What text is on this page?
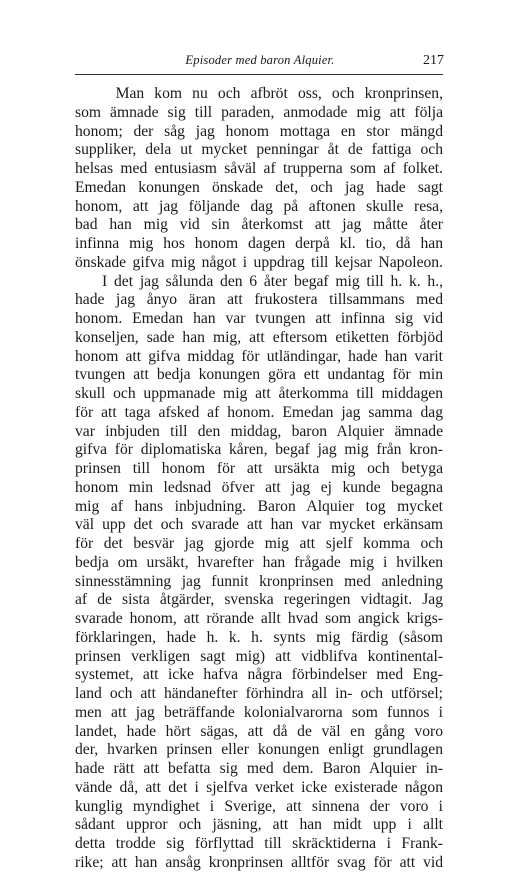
Episoder med baron Alquier.	217
Man kom nu och afbröt oss, och kronprinsen,
som ämnade sig till paraden, anmodade mig att följa
honom; der såg jag honom mottaga en stor mängd
suppliker, dela ut mycket penningar åt de fattiga och
helsas med entusiasm såväl af trupperna som af folket.
Emedan konungen önskade det, och jag hade sagt
honom, att jag följande dag på aftonen skulle resa,
bad han mig vid sin återkomst att jag måtte åter
infinna mig hos honom dagen derpå kl. tio, då han
önskade gifva mig något i uppdrag till kejsar Napoleon.
I det jag sålunda den 6 åter begaf mig till h. k. h.,
hade jag ånyo äran att frukostera tillsammans med
honom. Emedan han var tvungen att infinna sig vid
konseljen, sade han mig, att eftersom etiketten förbjöd
honom att gifva middag för utländingar, hade han varit
tvungen att bedja konungen göra ett undantag för min
skull och uppmanade mig att återkomma till middagen
för att taga afsked af honom. Emedan jag samma dag
var inbjuden till den middag, baron Alquier ämnade
gifva för diplomatiska kåren, begaf jag mig från kron-
prinsen till honom för att ursäkta mig och betyga
honom min ledsnad öfver att jag ej kunde begagna
mig af hans inbjudning. Baron Alquier tog mycket
väl upp det och svarade att han var mycket erkänsam
för det besvär jag gjorde mig att sjelf komma och
bedja om ursäkt, hvarefter han frågade mig i hvilken
sinnesstämning jag funnit kronprinsen med anledning
af de sista åtgärder, svenska regeringen vidtagit. Jag
svarade honom, att rörande allt hvad som angick krigs-
förklaringen, hade h. k. h. synts mig färdig (såsom
prinsen verkligen sagt mig) att vidblifva kontinental-
systemet, att icke hafva några förbindelser med Eng-
land och att händanefter förhindra all in- och utförsel;
men att jag beträffande kolonialvarorna som funnos i
landet, hade hört sägas, att då de väl en gång voro
der, hvarken prinsen eller konungen enligt grundlagen
hade rätt att befatta sig med dem. Baron Alquier in-
vände då, att det i sjelfva verket icke existerade någon
kunglig myndighet i Sverige, att sinnena der voro i
sådant uppror och jäsning, att han midt upp i allt
detta trodde sig förflyttad till skräcktiderna i Frank-
rike; att han ansåg kronprinsen alltför svag för att vid
